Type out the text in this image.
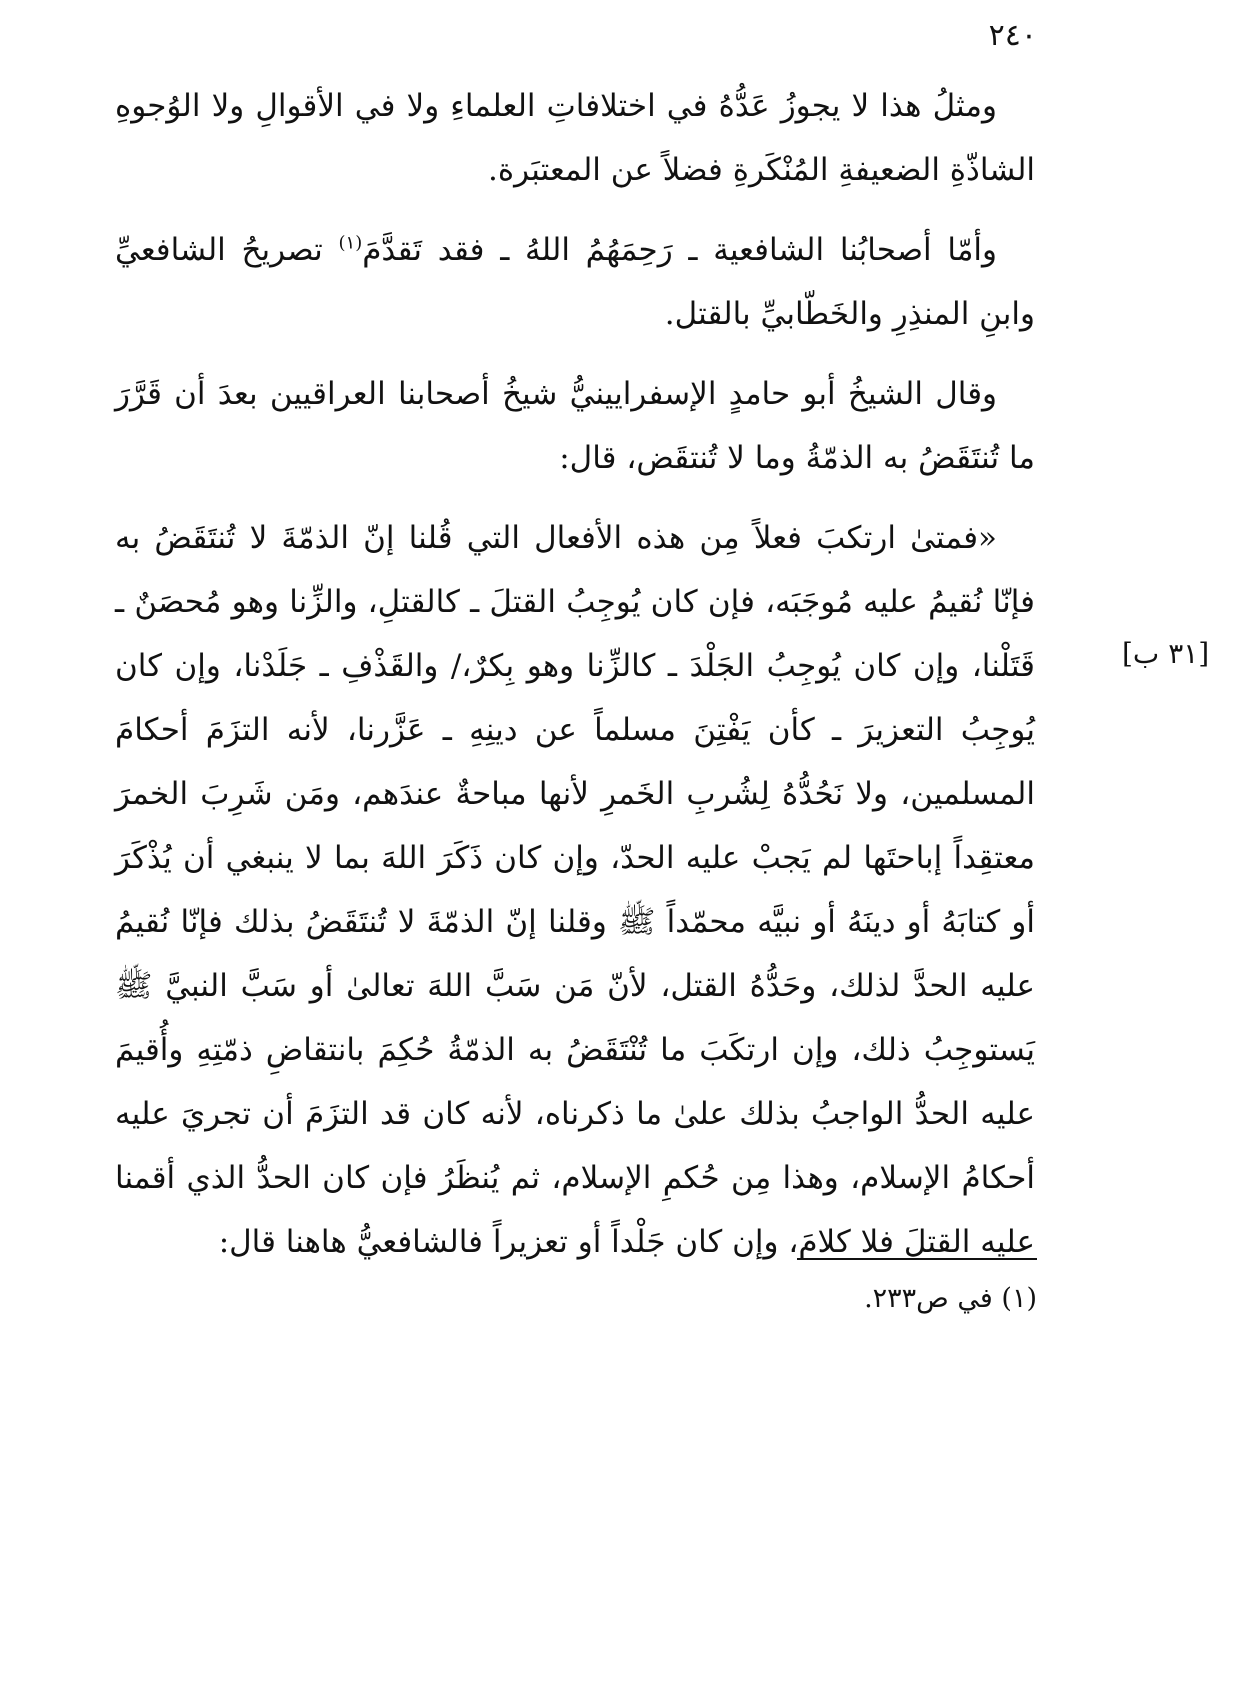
٢٤٠

ومثلُ هذا لا يجوزُ عَدُّهُ في اختلافاتِ العلماءِ ولا في الأقوالِ ولا الوُجوهِ الشاذّةِ الضعيفةِ المُنْكَرةِ فضلاً عن المعتبَرة.

وأمّا أصحابُنا الشافعية ـ رَحِمَهُمُ اللهُ ـ فقد تَقدَّمَ$^{(١)}$ تصريحُ الشافعيِّ وابنِ المنذِرِ والخَطّابيِّ بالقتل.

وقال الشيخُ أبو حامدٍ الإسفرايينيُّ شيخُ أصحابنا العراقيين بعدَ أن قَرَّرَ ما تُنتَقَضُ به الذمّةُ وما لا تُنتقَض، قال:

«فمتىٰ ارتكبَ فعلاً مِن هذه الأفعال التي قُلنا إنّ الذمّةَ لا تُنتَقَضُ به فإنّا نُقيمُ عليه مُوجَبَه، فإن كان يُوجِبُ القتلَ ـ كالقتلِ، والزِّنا وهو مُحصَنٌ ـ قَتَلْنا، وإن كان يُوجِبُ الجَلْدَ ـ كالزِّنا وهو بِكرٌ،/ والقَذْفِ ـ جَلَدْنا، وإن كان يُوجِبُ التعزيرَ ـ كأن يَفْتِنَ مسلماً عن دينِهِ ـ عَزَّرنا، لأنه التزَمَ أحكامَ المسلمين، ولا نَحُدُّهُ لِشُربِ الخَمرِ لأنها مباحةٌ عندَهم، ومَن شَرِبَ الخمرَ معتقِداً إباحتَها لم يَجبْ عليه الحدّ، وإن كان ذَكَرَ اللهَ بما لا ينبغي أن يُذْكَرَ أو كتابَهُ أو دينَهُ أو نبيَّه محمّداً ﷺ وقلنا إنّ الذمّةَ لا تُنتَقَضُ بذلك فإنّا نُقيمُ عليه الحدَّ لذلك، وحَدُّهُ القتل، لأنّ مَن سَبَّ اللهَ تعالىٰ أو سَبَّ النبيَّ ﷺ يَستوجِبُ ذلك، وإن ارتكَبَ ما تُنْتَقَضُ به الذمّةُ حُكِمَ بانتقاضِ ذمّتِهِ وأُقيمَ عليه الحدُّ الواجبُ بذلك علىٰ ما ذكرناه، لأنه كان قد التزَمَ أن تجريَ عليه أحكامُ الإسلام، وهذا مِن حُكمِ الإسلام، ثم يُنظَرُ فإن كان الحدُّ الذي أقمنا عليه القتلَ فلا كلامَ، وإن كان جَلْداً أو تعزيراً فالشافعيُّ هاهنا قال:

[٣١ ب]
(١) في ص٢٣٣.
